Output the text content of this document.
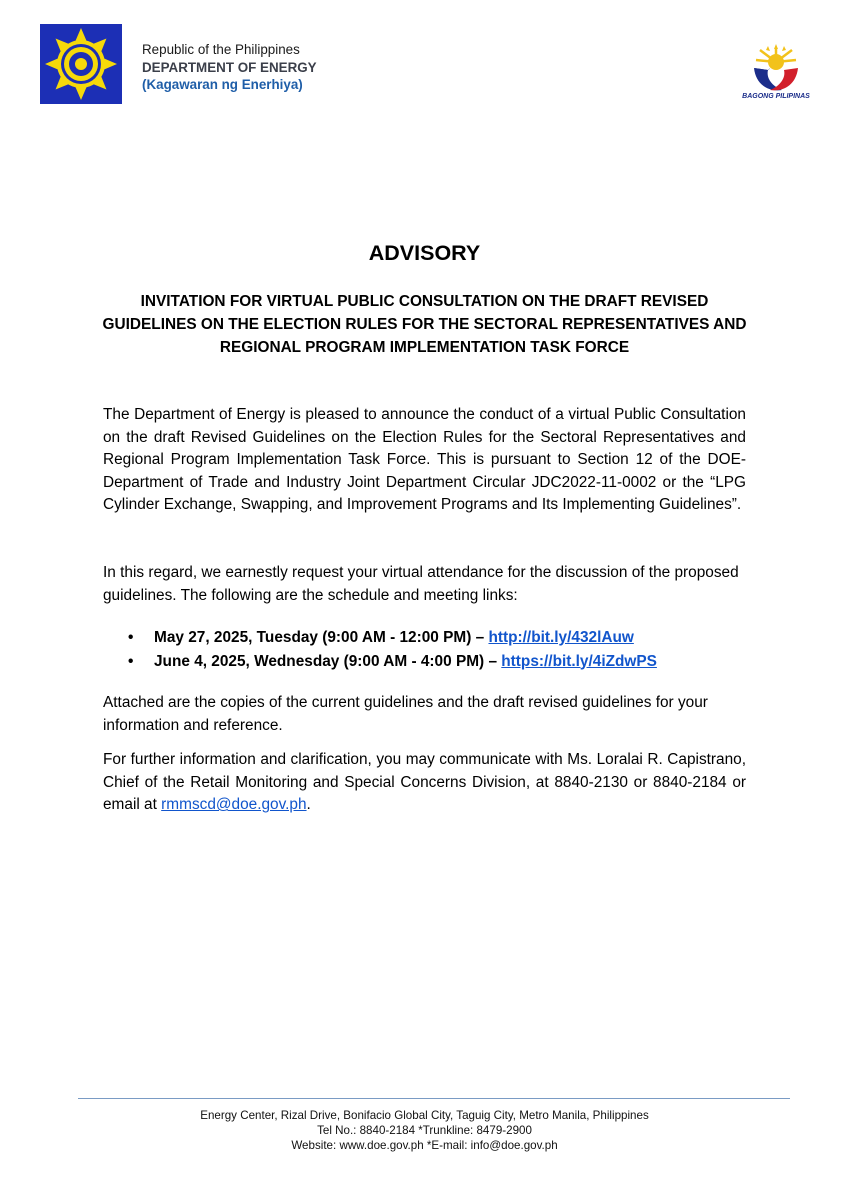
Republic of the Philippines
DEPARTMENT OF ENERGY
(Kagawaran ng Enerhiya)
BAGONG PILIPINAS
ADVISORY
INVITATION FOR VIRTUAL PUBLIC CONSULTATION ON THE DRAFT REVISED GUIDELINES ON THE ELECTION RULES FOR THE SECTORAL REPRESENTATIVES AND REGIONAL PROGRAM IMPLEMENTATION TASK FORCE
The Department of Energy is pleased to announce the conduct of a virtual Public Consultation on the draft Revised Guidelines on the Election Rules for the Sectoral Representatives and Regional Program Implementation Task Force. This is pursuant to Section 12 of the DOE-Department of Trade and Industry Joint Department Circular JDC2022-11-0002 or the “LPG Cylinder Exchange, Swapping, and Improvement Programs and Its Implementing Guidelines”.
In this regard, we earnestly request your virtual attendance for the discussion of the proposed guidelines. The following are the schedule and meeting links:
•	May 27, 2025, Tuesday (9:00 AM - 12:00 PM) – http://bit.ly/432lAuw
•	June 4, 2025, Wednesday (9:00 AM - 4:00 PM) – https://bit.ly/4iZdwPS
Attached are the copies of the current guidelines and the draft revised guidelines for your information and reference.
For further information and clarification, you may communicate with Ms. Loralai R. Capistrano, Chief of the Retail Monitoring and Special Concerns Division, at 8840-2130 or 8840-2184 or email at rmmscd@doe.gov.ph.
Energy Center, Rizal Drive, Bonifacio Global City, Taguig City, Metro Manila, Philippines
Tel No.: 8840-2184 *Trunkline: 8479-2900
Website: www.doe.gov.ph *E-mail: info@doe.gov.ph
